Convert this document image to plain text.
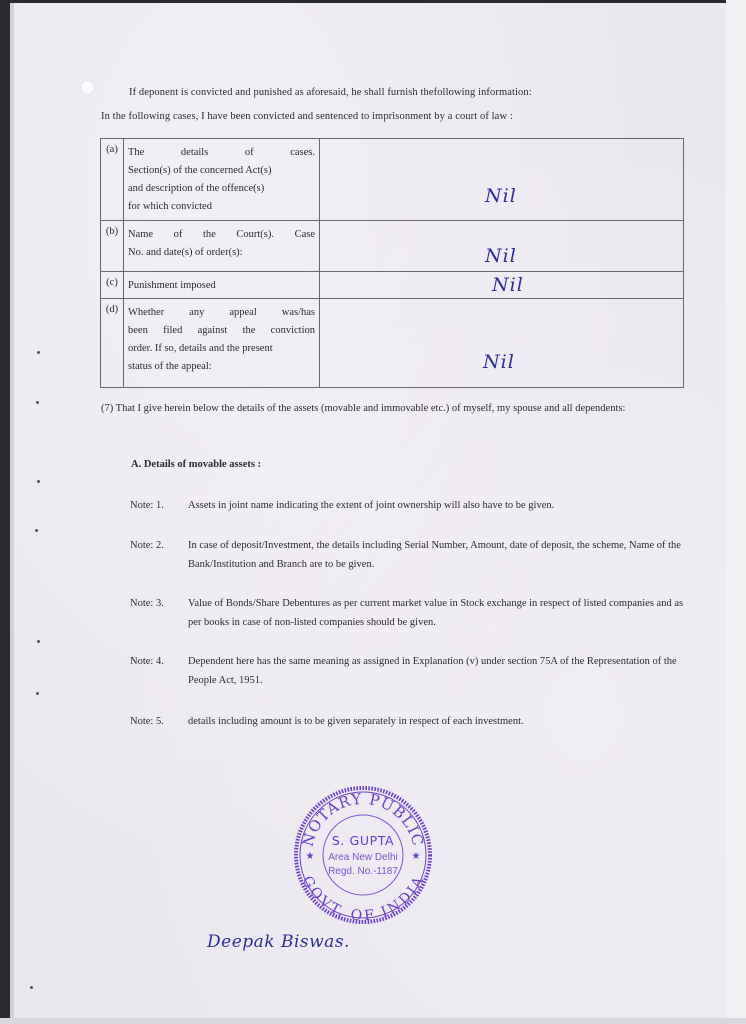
If deponent is convicted and punished as aforesaid, he shall furnish thefollowing information:
In the following cases, I have been convicted and sentenced to imprisonment by a court of law :
(a)	The details of cases.
Section(s) of the concerned Act(s)
and description of the offence(s)
for which convicted	Nil

(b)	Name of the Court(s). Case
No. and date(s) of order(s):	Nil

(c)	Punishment imposed	Nil

(d)	Whether any appeal was/has
been filed against the conviction
order. If so, details and the present
status of the appeal:	Nil
(7) That I give herein below the details of the assets (movable and immovable etc.) of myself, my spouse and all dependents:
A. Details of movable assets :
Note: 1.	Assets in joint name indicating the extent of joint ownership will also have to be given.
Note: 2.	In case of deposit/Investment, the details including Serial Number, Amount, date of deposit, the scheme, Name of the Bank/Institution and Branch are to be given.
Note: 3.	Value of Bonds/Share Debentures as per current market value in Stock exchange in respect of listed companies and as per books in case of non-listed companies should be given.
Note: 4.	Dependent here has the same meaning as assigned in Explanation (v) under section 75A of the Representation of the People Act, 1951.
Note: 5.	details including amount is to be given separately in respect of each investment.
NOTARY PUBLIC
GOVT. OF INDIA
★	★
S. GUPTA
Area New Delhi
Regd. No.-1187
Deepak Biswas.
